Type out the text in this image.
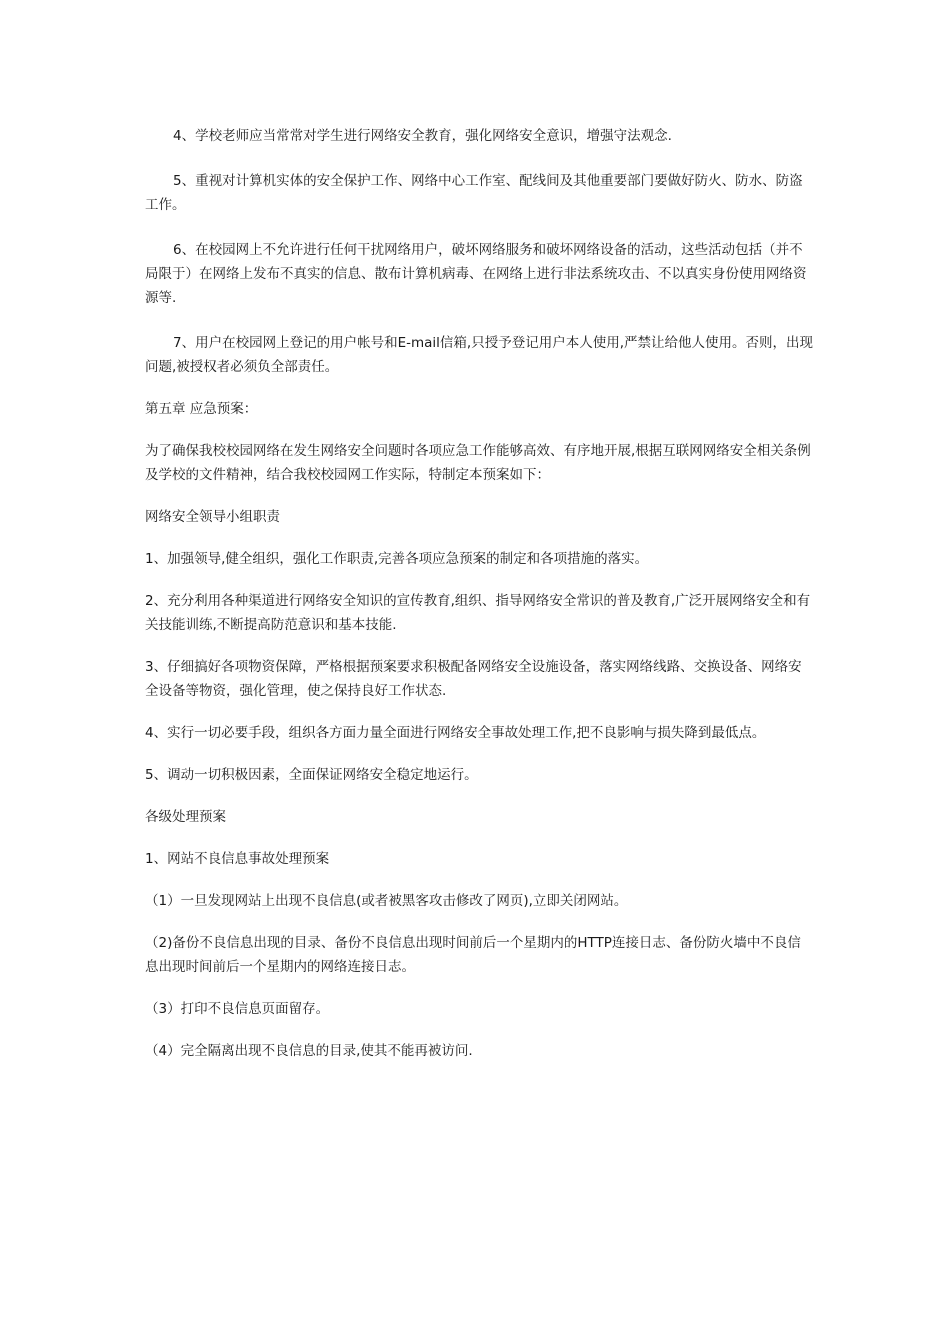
4、学校老师应当常常对学生进行网络安全教育，强化网络安全意识，增强守法观念.

5、重视对计算机实体的安全保护工作、网络中心工作室、配线间及其他重要部门要做好防火、防水、防盗工作。

6、在校园网上不允许进行任何干扰网络用户，破坏网络服务和破坏网络设备的活动，这些活动包括（并不局限于）在网络上发布不真实的信息、散布计算机病毒、在网络上进行非法系统攻击、不以真实身份使用网络资源等.

7、用户在校园网上登记的用户帐号和E-mail信箱,只授予登记用户本人使用,严禁让给他人使用。否则，出现问题,被授权者必须负全部责任。

第五章 应急预案：

为了确保我校校园网络在发生网络安全问题时各项应急工作能够高效、有序地开展,根据互联网网络安全相关条例及学校的文件精神，结合我校校园网工作实际，特制定本预案如下：

网络安全领导小组职责

1、加强领导,健全组织，强化工作职责,完善各项应急预案的制定和各项措施的落实。

2、充分利用各种渠道进行网络安全知识的宣传教育,组织、指导网络安全常识的普及教育,广泛开展网络安全和有关技能训练,不断提高防范意识和基本技能.

3、仔细搞好各项物资保障，严格根据预案要求积极配备网络安全设施设备，落实网络线路、交换设备、网络安全设备等物资，强化管理，使之保持良好工作状态.

4、实行一切必要手段，组织各方面力量全面进行网络安全事故处理工作,把不良影响与损失降到最低点。

5、调动一切积极因素，全面保证网络安全稳定地运行。

各级处理预案

1、网站不良信息事故处理预案

（1）一旦发现网站上出现不良信息(或者被黑客攻击修改了网页),立即关闭网站。

（2)备份不良信息出现的目录、备份不良信息出现时间前后一个星期内的HTTP连接日志、备份防火墙中不良信息出现时间前后一个星期内的网络连接日志。

（3）打印不良信息页面留存。

（4）完全隔离出现不良信息的目录,使其不能再被访问.
